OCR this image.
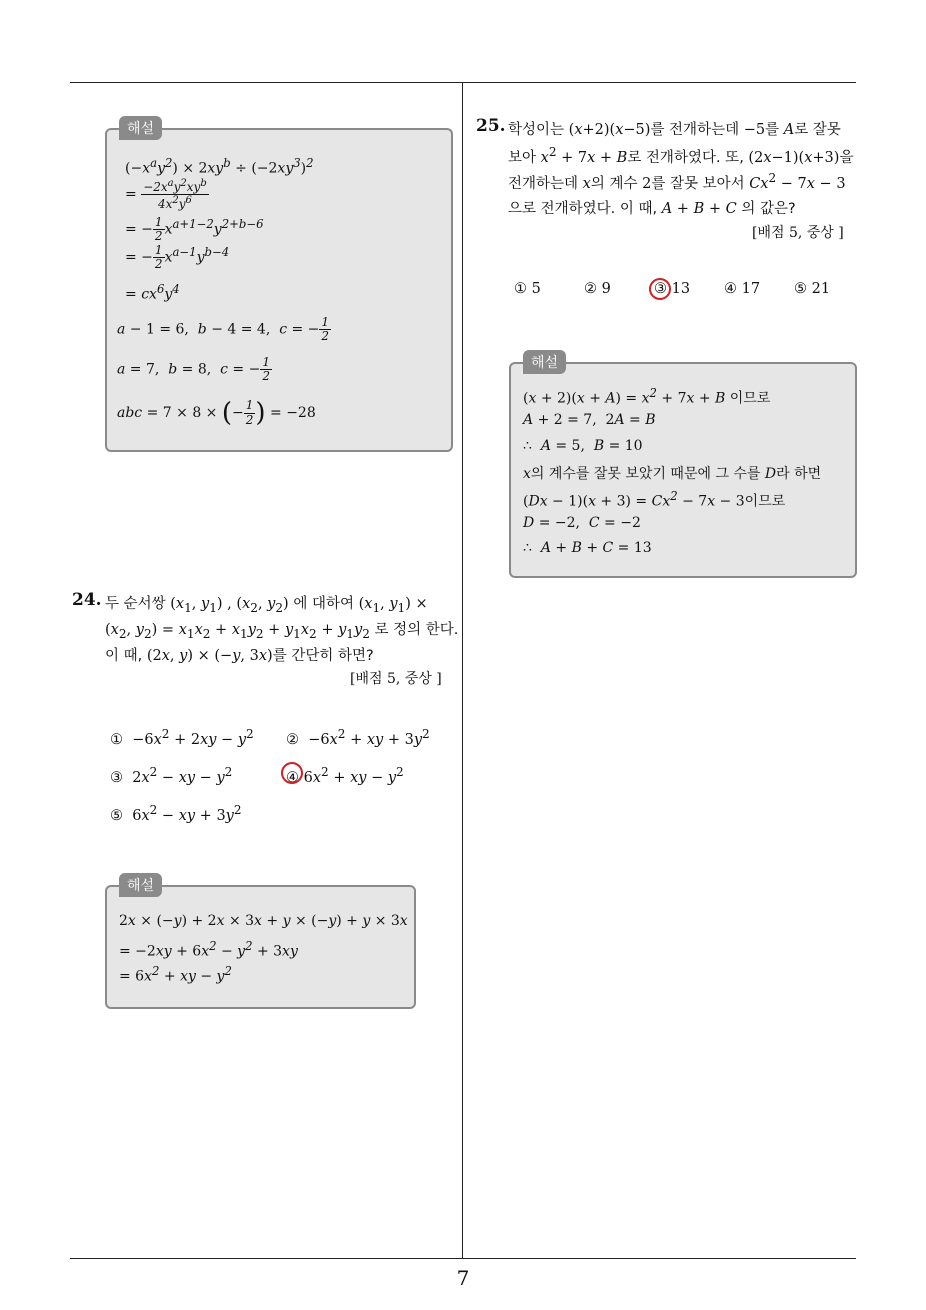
7
해설
$(-x^ay^2) \times 2xy^b \div (-2xy^3)^2$
= $\frac{-2x^ay^2xy^b}{4x^2y^6}$
= − $\frac{1}{2} x^{a+1-2}y^{2+b-6}$
= − $\frac{1}{2} x^{a-1}y^{b-4}$
= $cx^6y^4$
a − 1 = 6,  b − 4 = 4,  c = − $\frac{1}{2}$
a = 7,  b = 8,  c = − $\frac{1}{2}$
abc = 7 × 8 × (− $\frac{1}{2}$ ) = −28
24. 두 순서쌍 ($x_1$, $y_1$) , ($x_2$, $y_2$) 에 대하여 ($x_1$, $y_1$) ×
($x_2$, $y_2) = x_1x_2 + x_1y_2 + y_1x_2 + y_1y_2$ 로 정의 한다.
이 때, (2x, y) × (−y, 3x)를 간단히 하면?
[배점 5, 중상 ]
①  $-6x^2 + 2xy - y^2$ ②  $-6x^2$ + xy + $3y^2$
③  $2x^2$ − xy − $y^2$	④ $6x^2$ + xy − $y^2$
⑤  $6x^2$ − xy + $3y^2$
해설
2x × (−y) + 2x × 3x + y × (−y) + y × 3x
= $-2xy + 6x^2 - y^2 + 3xy$
= $6x^2$ + xy − $y^2$
25. 학성이는 (x+2)(x−5)를 전개하는데 −5를 A로 잘못
보아 $x^2 + 7x + B$로 전개하였다. 또, (2x−1)(x+3)을
전개하는데 x의 계수 2를 잘못 보아서 $Cx^2 - 7x - 3$
으로 전개하였다. 이 때, A + B + C 의 값은?
[배점 5, 중상 ]
① 5	② 9	③ 13 ④ 17 ⑤ 21
해설
$(x + 2)(x + A) = x^2 + 7x + B$ 이므로
A + 2 = 7,  2A = B
∴  A = 5,  B = 10
x의 계수를 잘못 보았기 때문에 그 수를 D라 하면
$(Dx - 1)(x + 3) = Cx^2 - 7x - 3$이므로
D = −2,  C = −2
∴  A + B + C = 13
